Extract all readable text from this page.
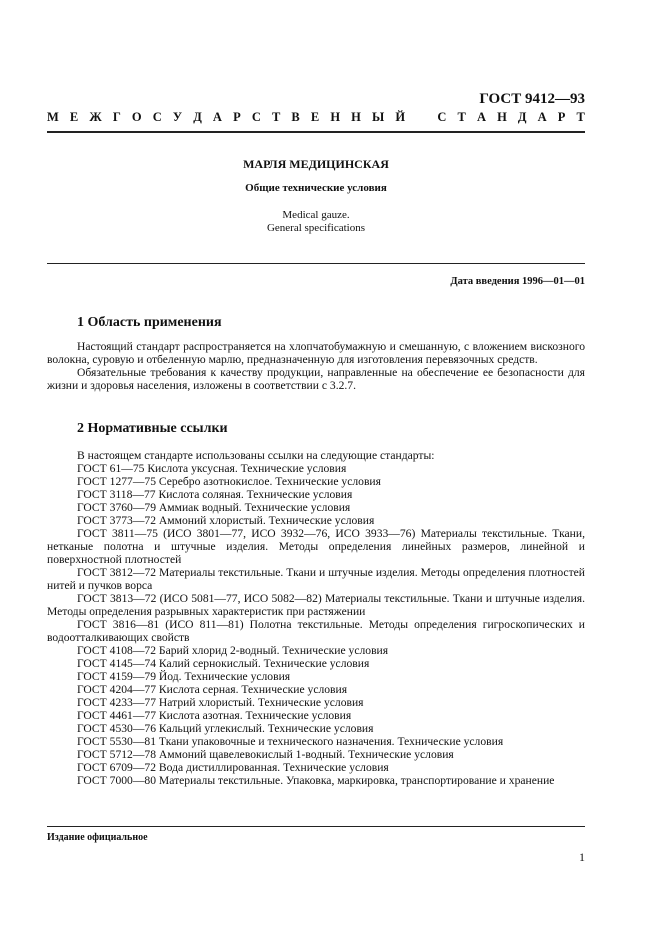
ГОСТ 9412—93
М Е Ж Г О С У Д А Р С Т В Е Н Н Ы Й	С Т А Н Д А Р Т
МАРЛЯ МЕДИЦИНСКАЯ
Общие технические условия
Medical gauze.
General specifications
Дата введения 1996—01—01
1 Область применения

Настоящий стандарт распространяется на хлопчатобумажную и смешанную, с вложением вискозного волокна, суровую и отбеленную марлю, предназначенную для изготовления перевязочных средств.

Обязательные требования к качеству продукции, направленные на обеспечение ее безопасности для жизни и здоровья населения, изложены в соответствии с 3.2.7.

2 Нормативные ссылки

В настоящем стандарте использованы ссылки на следующие стандарты:

ГОСТ 61—75 Кислота уксусная. Технические условия

ГОСТ 1277—75 Серебро азотнокислое. Технические условия

ГОСТ 3118—77 Кислота соляная. Технические условия

ГОСТ 3760—79 Аммиак водный. Технические условия

ГОСТ 3773—72 Аммоний хлористый. Технические условия

ГОСТ 3811—75 (ИСО 3801—77, ИСО 3932—76, ИСО 3933—76) Материалы текстильные. Ткани, нетканые полотна и штучные изделия. Методы определения линейных размеров, линейной и поверхностной плотностей

ГОСТ 3812—72 Материалы текстильные. Ткани и штучные изделия. Методы определения плотностей нитей и пучков ворса

ГОСТ 3813—72 (ИСО 5081—77, ИСО 5082—82) Материалы текстильные. Ткани и штучные изделия. Методы определения разрывных характеристик при растяжении

ГОСТ 3816—81 (ИСО 811—81) Полотна текстильные. Методы определения гигроскопических и водоотталкивающих свойств

ГОСТ 4108—72 Барий хлорид 2-водный. Технические условия

ГОСТ 4145—74 Калий сернокислый. Технические условия

ГОСТ 4159—79 Йод. Технические условия

ГОСТ 4204—77 Кислота серная. Технические условия

ГОСТ 4233—77 Натрий хлористый. Технические условия

ГОСТ 4461—77 Кислота азотная. Технические условия

ГОСТ 4530—76 Кальций углекислый. Технические условия

ГОСТ 5530—81 Ткани упаковочные и технического назначения. Технические условия

ГОСТ 5712—78 Аммоний щавелевокислый 1-водный. Технические условия

ГОСТ 6709—72 Вода дистиллированная. Технические условия

ГОСТ 7000—80 Материалы текстильные. Упаковка, маркировка, транспортирование и хранение

Издание официальное
1
